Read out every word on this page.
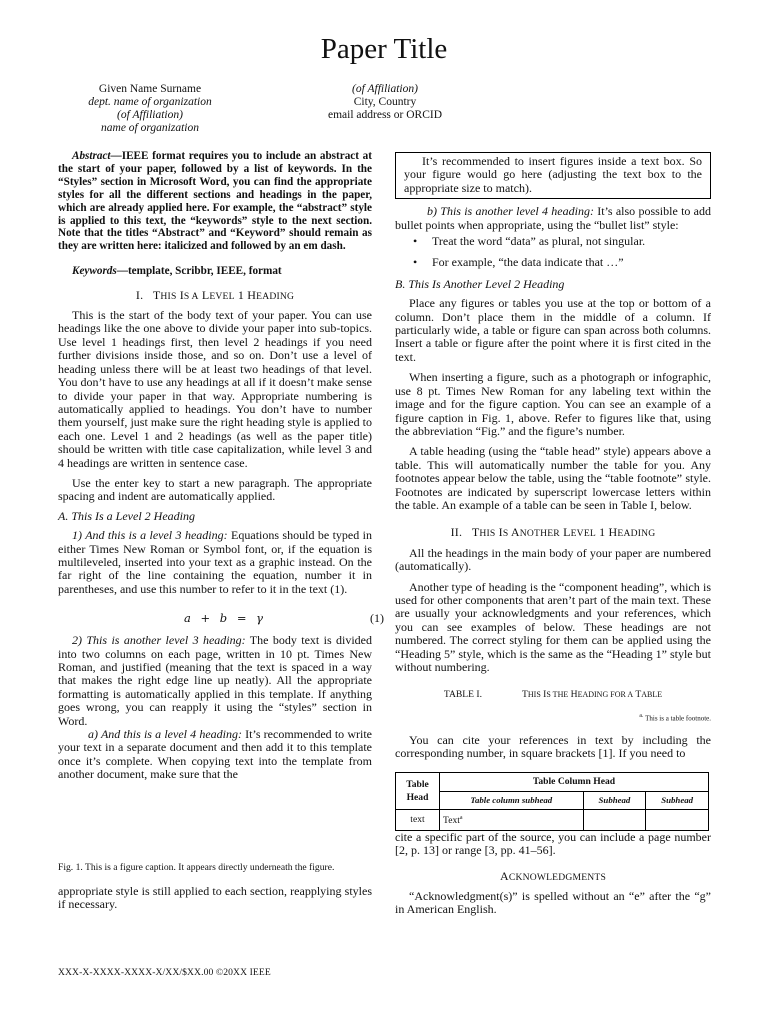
Paper Title
Given Name Surname
dept. name of organization
(of Affiliation)
name of organization
(of Affiliation)
City, Country
email address or ORCID

Abstract—IEEE format requires you to include an abstract at the start of your paper, followed by a list of keywords. In the “Styles” section in Microsoft Word, you can find the appropriate styles for all the different sections and headings in the paper, which are already applied here. For example, the “abstract” style is applied to this text, the “keywords” style to the next section. Note that the titles “Abstract” and “Keyword” should remain as they are written here: italicized and followed by an em dash.

Keywords—template, Scribbr, IEEE, format

I. THIS IS A LEVEL 1 HEADING

This is the start of the body text of your paper. You can use headings like the one above to divide your paper into sub-topics. Use level 1 headings first, then level 2 headings if you need further divisions inside those, and so on. Don’t use a level of heading unless there will be at least two headings of that level. You don’t have to use any headings at all if it doesn’t make sense to divide your paper in that way. Appropriate numbering is automatically applied to headings. You don’t have to number them yourself, just make sure the right heading style is applied to each one. Level 1 and 2 headings (as well as the paper title) should be written with title case capitalization, while level 3 and 4 headings are written in sentence case.

Use the enter key to start a new paragraph. The appropriate spacing and indent are automatically applied.

A. This Is a Level 2 Heading

1) And this is a level 3 heading: Equations should be typed in either Times New Roman or Symbol font, or, if the equation is multileveled, inserted into your text as a graphic instead. On the far right of the line containing the equation, number it in parentheses, and use this number to refer to it in the text (1).

a + b = γ	(1)

2) This is another level 3 heading: The body text is divided into two columns on each page, written in 10 pt. Times New Roman, and justified (meaning that the text is spaced in a way that makes the right edge line up neatly). All the appropriate formatting is automatically applied in this template. If anything goes wrong, you can reapply it using the “styles” section in Word.

a) And this is a level 4 heading: It’s recommended to write your text in a separate document and then add it to this template once it’s complete. When copying text into the template from another document, make sure that the

Fig. 1. This is a figure caption. It appears directly underneath the figure.

appropriate style is still applied to each section, reapplying styles if necessary.

It’s recommended to insert figures inside a text box. So your figure would go here (adjusting the text box to the appropriate size to match).

b) This is another level 4 heading: It’s also possible to add bullet points when appropriate, using the “bullet list” style:

• Treat the word “data” as plural, not singular.
• For example, “the data indicate that …”
B. This Is Another Level 2 Heading

Place any figures or tables you use at the top or bottom of a column. Don’t place them in the middle of a column. If particularly wide, a table or figure can span across both columns. Insert a table or figure after the point where it is first cited in the text.

When inserting a figure, such as a photograph or infographic, use 8 pt. Times New Roman for any labeling text within the image and for the figure caption. You can see an example of a figure caption in Fig. 1, above. Refer to figures like that, using the abbreviation “Fig.” and the figure’s number.

A table heading (using the “table head” style) appears above a table. This will automatically number the table for you. Any footnotes appear below the table, using the “table footnote” style. Footnotes are indicated by superscript lowercase letters within the table. An example of a table can be seen in Table I, below.

II. THIS IS ANOTHER LEVEL 1 HEADING

All the headings in the main body of your paper are numbered (automatically).

Another type of heading is the “component heading”, which is used for other components that aren’t part of the main text. These are usually your acknowledgments and your references, which you can see examples of below. These headings are not numbered. The correct styling for them can be applied using the “Heading 5” style, which is the same as the “Heading 1” style but without numbering.

TABLE I.	THIS IS THE HEADING FOR A TABLE
$^{a.}$ This is a table footnote.

You can cite your references in text by including the corresponding number, in square brackets [1]. If you need to

Table Head	Table Column Head		
	Table column subhead	Subhead	Subhead
text	Text$^a$		

cite a specific part of the source, you can include a page number [2, p. 13] or range [3, pp. 41–56].

ACKNOWLEDGMENTS

“Acknowledgment(s)” is spelled without an “e” after the “g” in American English.

XXX-X-XXXX-XXXX-X/XX/$XX.00 ©20XX IEEE
